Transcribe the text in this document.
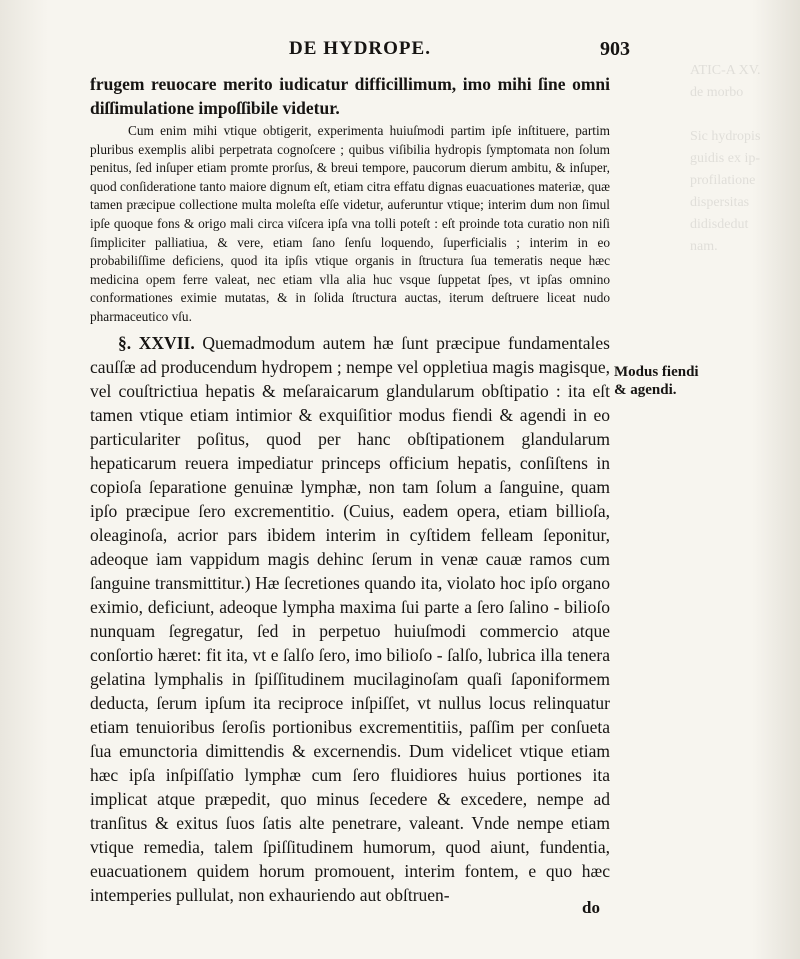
ATIC-A XV.
de morbo

Sic hydropis
guidis ex ip-
profilatione
dispersitas
didisdedut
nam.
DE HYDROPE.	903

frugem reuocare merito iudicatur difficillimum, imo mihi ſine omni diſſimulatione impoſſibile videtur.

Cum enim mihi vtique obtigerit, experimenta huiuſmodi partim ipſe inſtituere, partim pluribus exemplis alibi perpetrata cognoſcere ; quibus viſibilia hydropis ſymptomata non ſolum penitus, ſed inſuper etiam promte prorſus, & breui tempore, paucorum dierum ambitu, & inſuper, quod conſideratione tanto maiore dignum eſt, etiam citra effatu dignas euacuationes materiæ, quæ tamen præcipue collectione multa moleſta eſſe videtur, auferuntur vtique; interim dum non ſimul ipſe quoque fons & origo mali circa viſcera ipſa vna tolli poteſt : eſt proinde tota curatio non niſi ſimpliciter palliatiua, & vere, etiam ſano ſenſu loquendo, ſuperficialis ; interim in eo probabiliſſime deficiens, quod ita ipſis vtique organis in ſtructura ſua temeratis neque hæc medicina opem ferre valeat, nec etiam vlla alia huc vsque ſuppetat ſpes, vt ipſas omnino conformationes eximie mutatas, & in ſolida ſtructura auctas, iterum deſtruere liceat nudo pharmaceutico vſu.

§. XXVII. Quemadmodum autem hæ ſunt præcipue fundamentales cauſſæ ad producendum hydropem ; nempe vel oppletiua magis magisque, vel couſtrictiua hepatis & meſaraicarum glandularum obſtipatio : ita eſt tamen vtique etiam intimior & exquiſitior modus fiendi & agendi in eo particulariter poſitus, quod per hanc obſtipationem glandularum hepaticarum reuera impediatur princeps officium hepatis, conſiſtens in copioſa ſeparatione genuinæ lymphæ, non tam ſolum a ſanguine, quam ipſo præcipue ſero excrementitio. (Cuius, eadem opera, etiam billioſa, oleaginoſa, acrior pars ibidem interim in cyſtidem felleam ſeponitur, adeoque iam vappidum magis dehinc ſerum in venæ cauæ ramos cum ſanguine transmittitur.) Hæ ſecretiones quando ita, violato hoc ipſo organo eximio, deficiunt, adeoque lympha maxima ſui parte a ſero ſalino - bilioſo nunquam ſegregatur, ſed in perpetuo huiuſmodi commercio atque conſortio hæret: fit ita, vt e ſalſo ſero, imo bilioſo - ſalſo, lubrica illa tenera gelatina lymphalis in ſpiſſitudinem mucilaginoſam quaſi ſaponiformem deducta, ſerum ipſum ita reciproce inſpiſſet, vt nullus locus relinquatur etiam tenuioribus ſeroſis portionibus excrementitiis, paſſim per conſueta ſua emunctoria dimittendis & excernendis. Dum videlicet vtique etiam hæc ipſa inſpiſſatio lymphæ cum ſero fluidiores huius portiones ita implicat atque præpedit, quo minus ſecedere & excedere, nempe ad tranſitus & exitus ſuos ſatis alte penetrare, valeant. Vnde nempe etiam vtique remedia, talem ſpiſſitudinem humorum, quod aiunt, fundentia, euacuationem quidem horum promouent, interim fontem, e quo hæc intemperies pullulat, non exhauriendo aut obſtruen-

Modus fiendi
& agendi.
do
